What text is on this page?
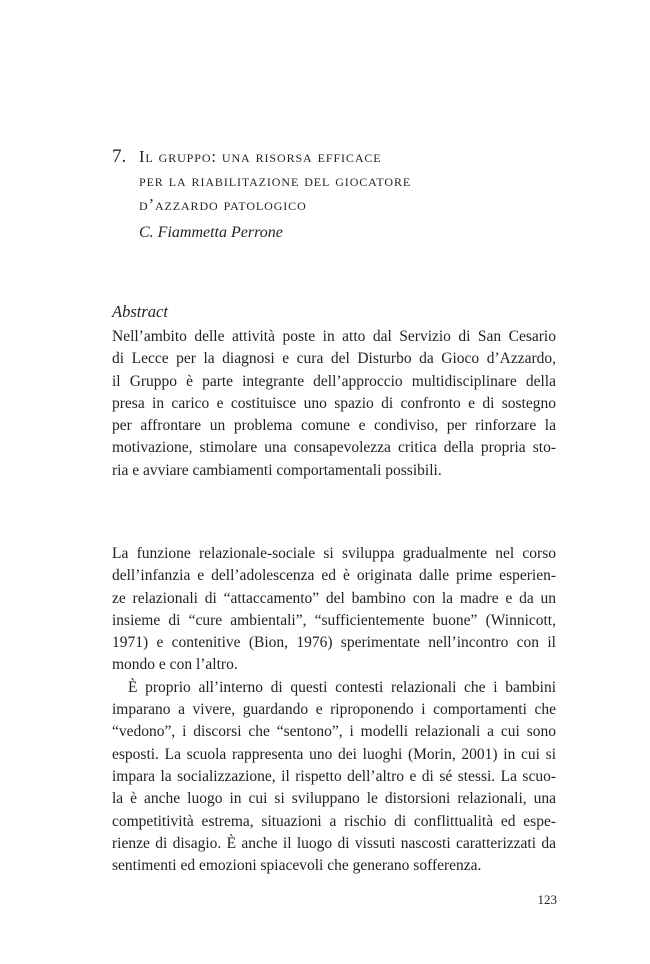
7. Il gruppo: una risorsa efficace
per la riabilitazione del giocatore
d’azzardo patologico
C. Fiammetta Perrone
Abstract
Nell’ambito delle attività poste in atto dal Servizio di San Cesario
di Lecce per la diagnosi e cura del Disturbo da Gioco d’Azzardo,
il Gruppo è parte integrante dell’approccio multidisciplinare della
presa in carico e costituisce uno spazio di confronto e di sostegno
per affrontare un problema comune e condiviso, per rinforzare la
motivazione, stimolare una consapevolezza critica della propria sto-
ria e avviare cambiamenti comportamentali possibili.
La funzione relazionale-sociale si sviluppa gradualmente nel corso
dell’infanzia e dell’adolescenza ed è originata dalle prime esperien-
ze relazionali di “attaccamento” del bambino con la madre e da un
insieme di “cure ambientali”, “sufficientemente buone” (Winnicott,
1971) e contenitive (Bion, 1976) sperimentate nell’incontro con il
mondo e con l’altro.
È proprio all’interno di questi contesti relazionali che i bambini
imparano a vivere, guardando e riproponendo i comportamenti che
“vedono”, i discorsi che “sentono”, i modelli relazionali a cui sono
esposti. La scuola rappresenta uno dei luoghi (Morin, 2001) in cui si
impara la socializzazione, il rispetto dell’altro e di sé stessi. La scuo-
la è anche luogo in cui si sviluppano le distorsioni relazionali, una
competitività estrema, situazioni a rischio di conflittualità ed espe-
rienze di disagio. È anche il luogo di vissuti nascosti caratterizzati da
sentimenti ed emozioni spiacevoli che generano sofferenza.
123
